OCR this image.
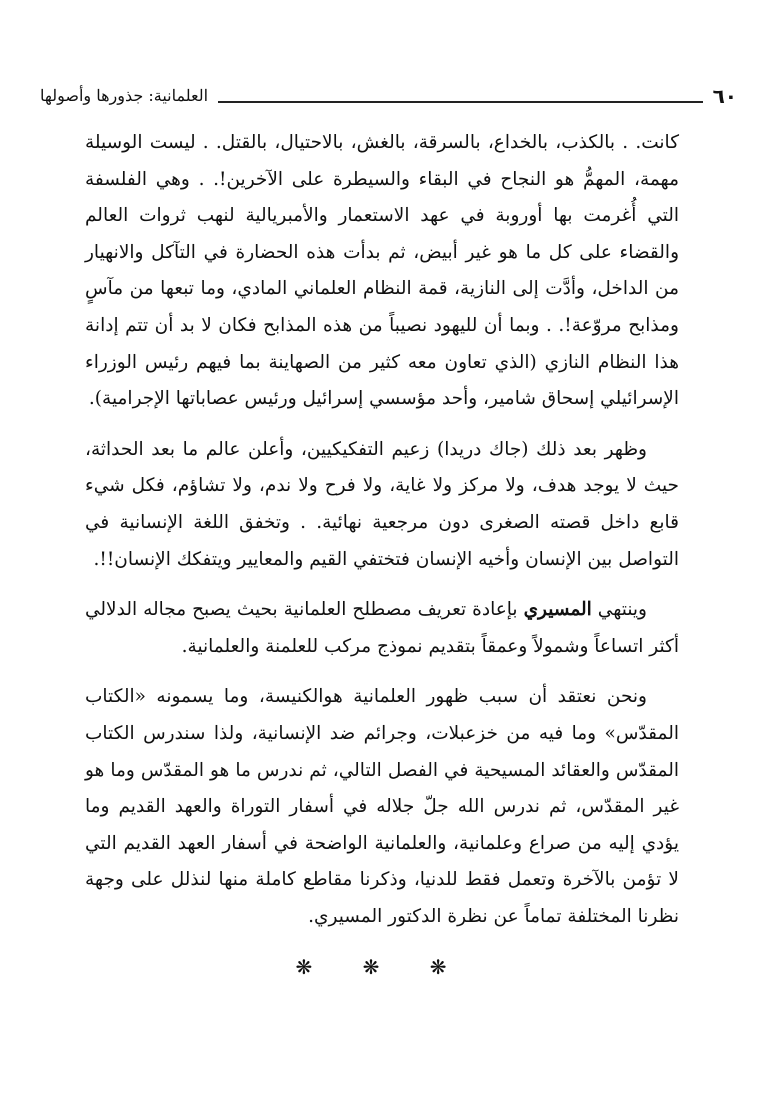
٦٠
العلمانية: جذورها وأصولها

كانت. . بالكذب، بالخداع، بالسرقة، بالغش، بالاحتيال، بالقتل. . ليست الوسيلة مهمة، المهمُّ هو النجاح في البقاء والسيطرة على الآخرين!. . وهي الفلسفة التي أُغرمت بها أوروبة في عهد الاستعمار والأمبريالية لنهب ثروات العالم والقضاء على كل ما هو غير أبيض، ثم بدأت هذه الحضارة في التآكل والانهيار من الداخل، وأدَّت إلى النازية، قمة النظام العلماني المادي، وما تبعها من مآسٍ ومذابح مروّعة!. . وبما أن لليهود نصيباً من هذه المذابح فكان لا بد أن تتم إدانة هذا النظام النازي (الذي تعاون معه كثير من الصهاينة بما فيهم رئيس الوزراء الإسرائيلي إسحاق شامير، وأحد مؤسسي إسرائيل ورئيس عصاباتها الإجرامية).

وظهر بعد ذلك (جاك دريدا) زعيم التفكيكيين، وأعلن عالم ما بعد الحداثة، حيث لا يوجد هدف، ولا مركز ولا غاية، ولا فرح ولا ندم، ولا تشاؤم، فكل شيء قابع داخل قصته الصغرى دون مرجعية نهائية. . وتخفق اللغة الإنسانية في التواصل بين الإنسان وأخيه الإنسان فتختفي القيم والمعايير ويتفكك الإنسان!!.

وينتهي المسيري بإعادة تعريف مصطلح العلمانية بحيث يصبح مجاله الدلالي أكثر اتساعاً وشمولاً وعمقاً بتقديم نموذج مركب للعلمنة والعلمانية.

ونحن نعتقد أن سبب ظهور العلمانية هوالكنيسة، وما يسمونه «الكتاب المقدّس» وما فيه من خزعبلات، وجرائم ضد الإنسانية، ولذا سندرس الكتاب المقدّس والعقائد المسيحية في الفصل التالي، ثم ندرس ما هو المقدّس وما هو غير المقدّس، ثم ندرس الله جلّ جلاله في أسفار التوراة والعهد القديم وما يؤدي إليه من صراع وعلمانية، والعلمانية الواضحة في أسفار العهد القديم التي لا تؤمن بالآخرة وتعمل فقط للدنيا، وذكرنا مقاطع كاملة منها لنذلل على وجهة نظرنا المختلفة تماماً عن نظرة الدكتور المسيري.

❋ ❋ ❋
